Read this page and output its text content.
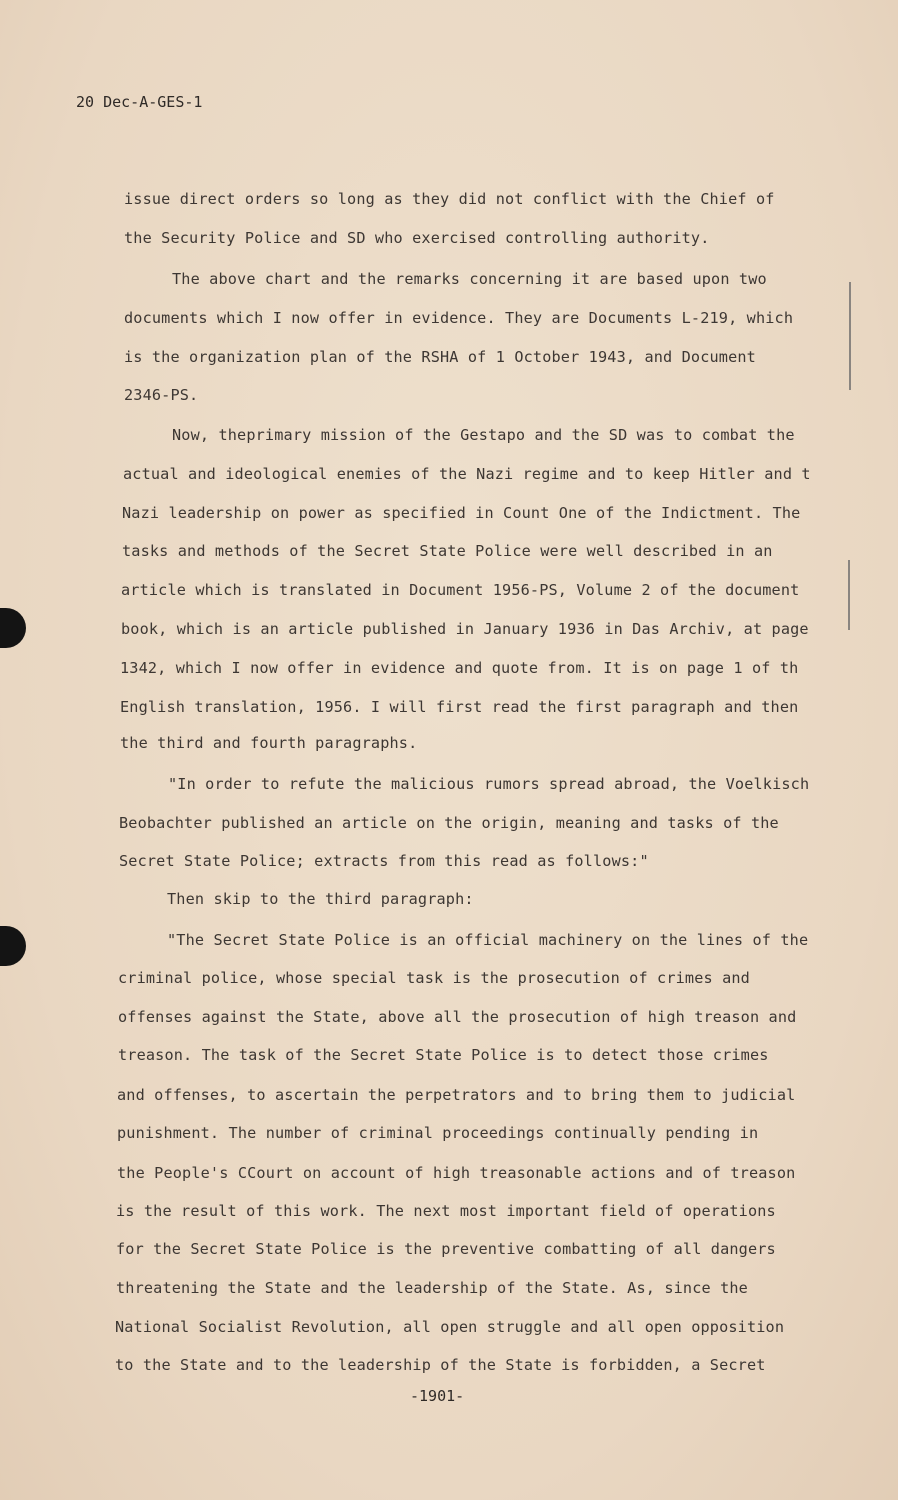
20 Dec-A-GES-1
issue direct orders so long as they did not conflict with the Chief of
the Security Police and SD who exercised controlling authority.
The above chart and the remarks concerning it are based upon two
documents which I now offer in evidence. They are Documents L-219, which
is the organization plan of the RSHA of 1 October 1943, and Document
2346-PS.
Now, theprimary mission of the Gestapo and the SD was to combat the
actual and ideological enemies of the Nazi regime and to keep Hitler and t
Nazi leadership on power as specified in Count One of the Indictment. The
tasks and methods of the Secret State Police were well described in an
article which is translated in Document 1956-PS, Volume 2 of the document
book, which is an article published in January 1936 in Das Archiv, at page
1342, which I now offer in evidence and quote from. It is on page 1 of th
English translation, 1956. I will first read the first paragraph and then
the third and fourth paragraphs.
"In order to refute the malicious rumors spread abroad, the Voelkisch
Beobachter published an article on the origin, meaning and tasks of the
Secret State Police; extracts from this read as follows:"
Then skip to the third paragraph:
"The Secret State Police is an official machinery on the lines of the
criminal police, whose special task is the prosecution of crimes and
offenses against the State, above all the prosecution of high treason and
treason. The task of the Secret State Police is to detect those crimes
and offenses, to ascertain the perpetrators and to bring them to judicial
punishment. The number of criminal proceedings continually pending in
the People's CCourt on account of high treasonable actions and of treason
is the result of this work. The next most important field of operations
for the Secret State Police is the preventive combatting of all dangers
threatening the State and the leadership of the State. As, since the
National Socialist Revolution, all open struggle and all open opposition
to the State and to the leadership of the State is forbidden, a Secret
-1901-
